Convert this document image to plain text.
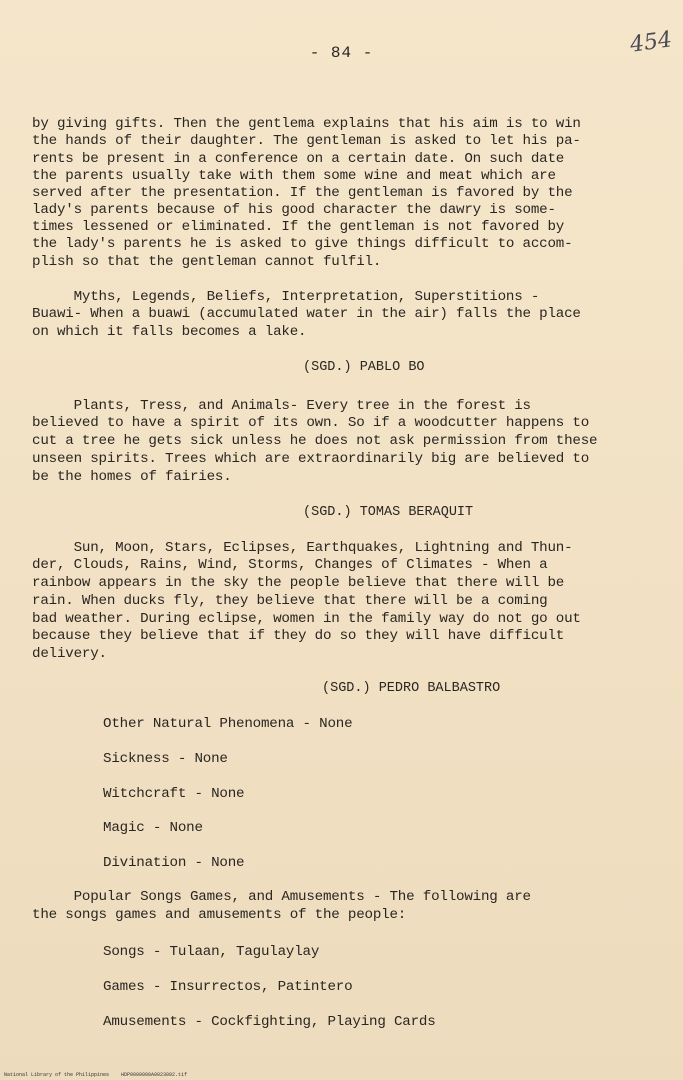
- 84 -	454
by giving gifts. Then the gentlema explains that his aim is to win
the hands of their daughter. The gentleman is asked to let his pa-
rents be present in a conference on a certain date. On such date
the parents usually take with them some wine and meat which are
served after the presentation. If the gentleman is favored by the
lady's parents because of his good character the dawry is some-
times lessened or eliminated. If the gentleman is not favored by
the lady's parents he is asked to give things difficult to accom-
plish so that the gentleman cannot fulfil.
Myths, Legends, Beliefs, Interpretation, Superstitions -
Buawi- When a buawi (accumulated water in the air) falls the place
on which it falls becomes a lake.
(SGD.) PABLO BO
Plants, Tress, and Animals- Every tree in the forest is
believed to have a spirit of its own. So if a woodcutter happens to
cut a tree he gets sick unless he does not ask permission from these
unseen spirits. Trees which are extraordinarily big are believed to
be the homes of fairies.
(SGD.) TOMAS BERAQUIT
Sun, Moon, Stars, Eclipses, Earthquakes, Lightning and Thun-
der, Clouds, Rains, Wind, Storms, Changes of Climates - When a
rainbow appears in the sky the people believe that there will be
rain. When ducks fly, they believe that there will be a coming
bad weather. During eclipse, women in the family way do not go out
because they believe that if they do so they will have difficult
delivery.
(SGD.) PEDRO BALBASTRO
Other Natural Phenomena - None
Sickness - None
Witchcraft - None
Magic - None
Divination - None
Popular Songs Games, and Amusements - The following are
the songs games and amusements of the people:
Songs - Tulaan, Tagulaylay
Games - Insurrectos, Patintero
Amusements - Cockfighting, Playing Cards
National Library of the Philippines    HDP0000000A0023092.tif
